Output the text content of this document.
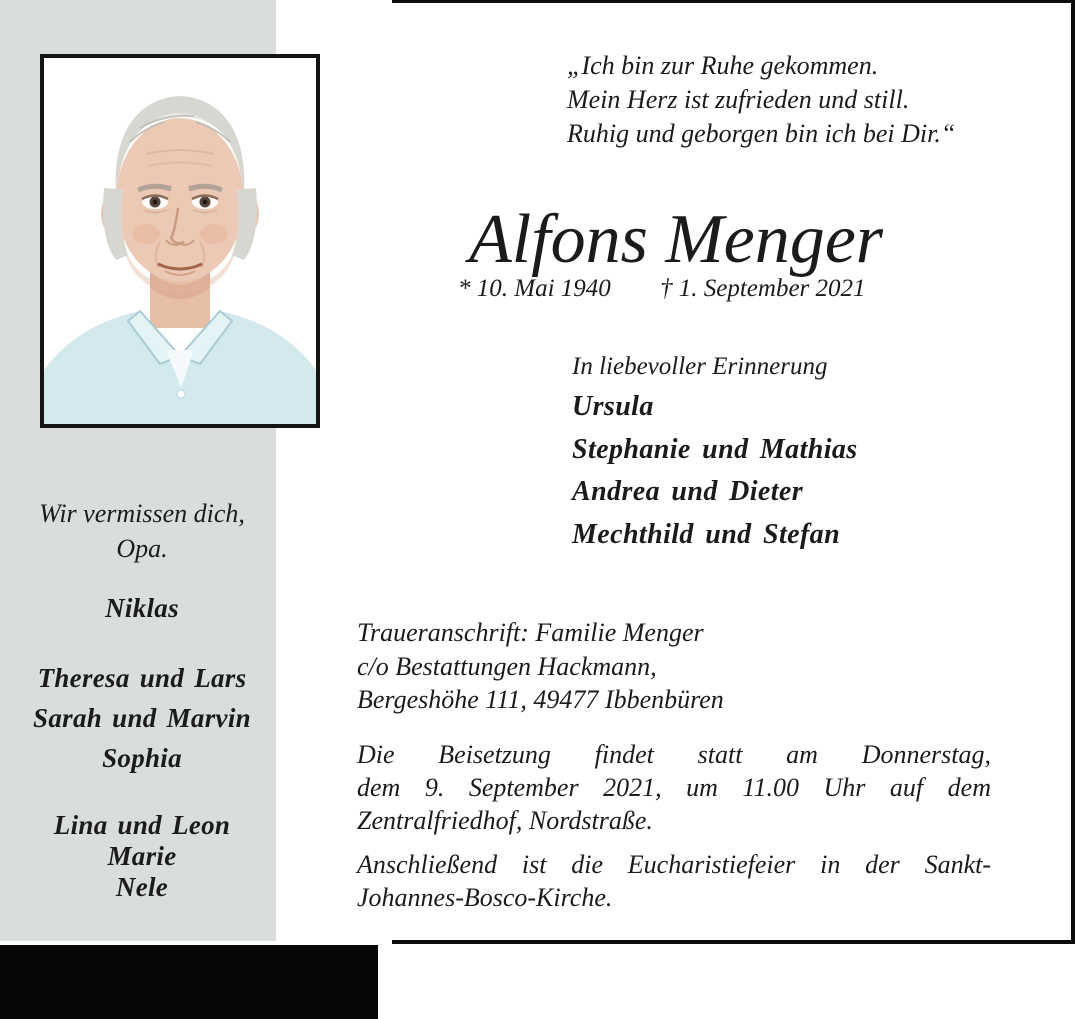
Wir vermissen dich,
Opa.
Niklas
Theresa und Lars
Sarah und Marvin
Sophia
Lina und Leon
Marie
Nele
„Ich bin zur Ruhe gekommen.
Mein Herz ist zufrieden und still.
Ruhig und geborgen bin ich bei Dir.“
Alfons Menger
* 10. Mai 1940 † 1. September 2021
In liebevoller Erinnerung
Ursula
Stephanie und Mathias
Andrea und Dieter
Mechthild und Stefan
Traueranschrift: Familie Menger
c/o Bestattungen Hackmann,
Bergeshöhe 111, 49477 Ibbenbüren
Die Beisetzung findet statt am Donnerstag,
dem 9. September 2021, um 11.00 Uhr auf dem
Zentralfriedhof, Nordstraße.
Anschließend ist die Eucharistiefeier in der Sankt-
Johannes-Bosco-Kirche.
